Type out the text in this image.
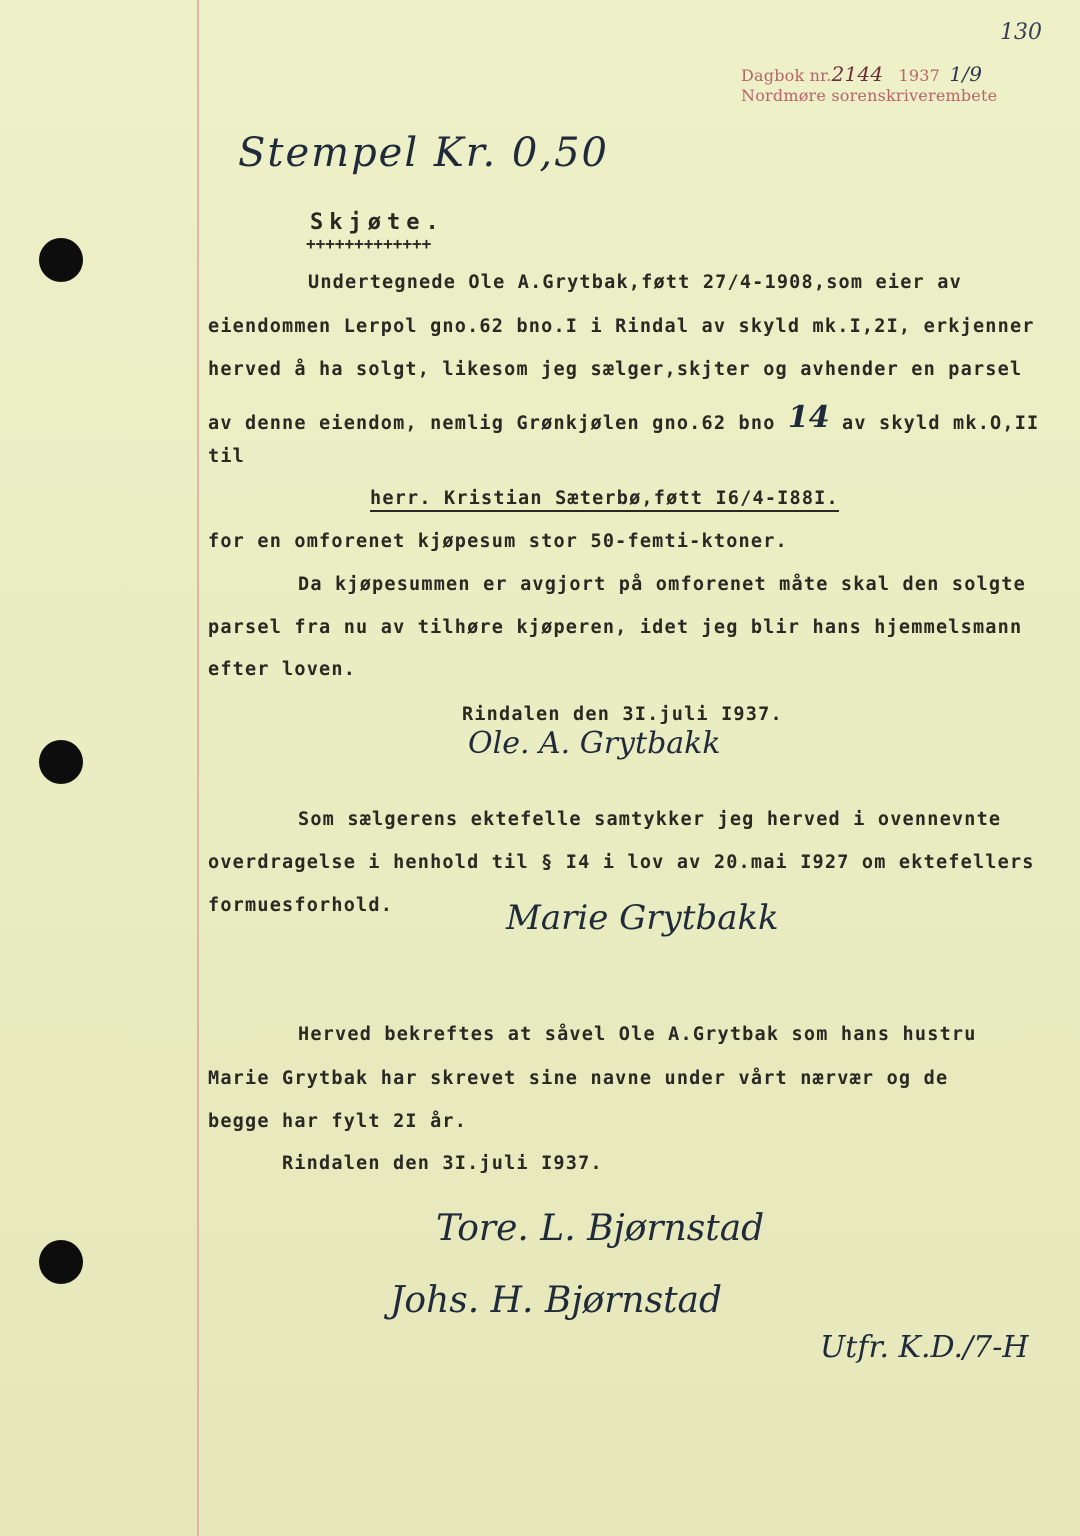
130
Dagbok nr.2144 1937 1/9
Nordmøre sorenskriverembete
Stempel Kr. 0,50
Skjøte.
+++++++++++++
Undertegnede Ole A.Grytbak,føtt 27/4-1908,som eier av
eiendommen Lerpol gno.62 bno.I i Rindal av skyld mk.I,2I, erkjenner
herved å ha solgt, likesom jeg sælger,skjter og avhender en parsel
av denne eiendom, nemlig Grønkjølen gno.62 bno 14 av skyld mk.O,II
til
herr. Kristian Sæterbø,føtt I6/4-I88I.
for en omforenet kjøpesum stor 50-femti-ktoner.
Da kjøpesummen er avgjort på omforenet måte skal den solgte
parsel fra nu av tilhøre kjøperen, idet jeg blir hans hjemmelsmann
efter loven.
Rindalen den 3I.juli I937.
Ole. A. Grytbakk
Som sælgerens ektefelle samtykker jeg herved i ovennevnte
overdragelse i henhold til § I4 i lov av 20.mai I927 om ektefellers
formuesforhold.	Marie Grytbakk
Herved bekreftes at såvel Ole A.Grytbak som hans hustru
Marie Grytbak har skrevet sine navne under vårt nærvær og de
begge har fylt 2I år.
Rindalen den 3I.juli I937.
Tore. L. Bjørnstad
Johs. H. Bjørnstad
Utfr. K.D./7-H
